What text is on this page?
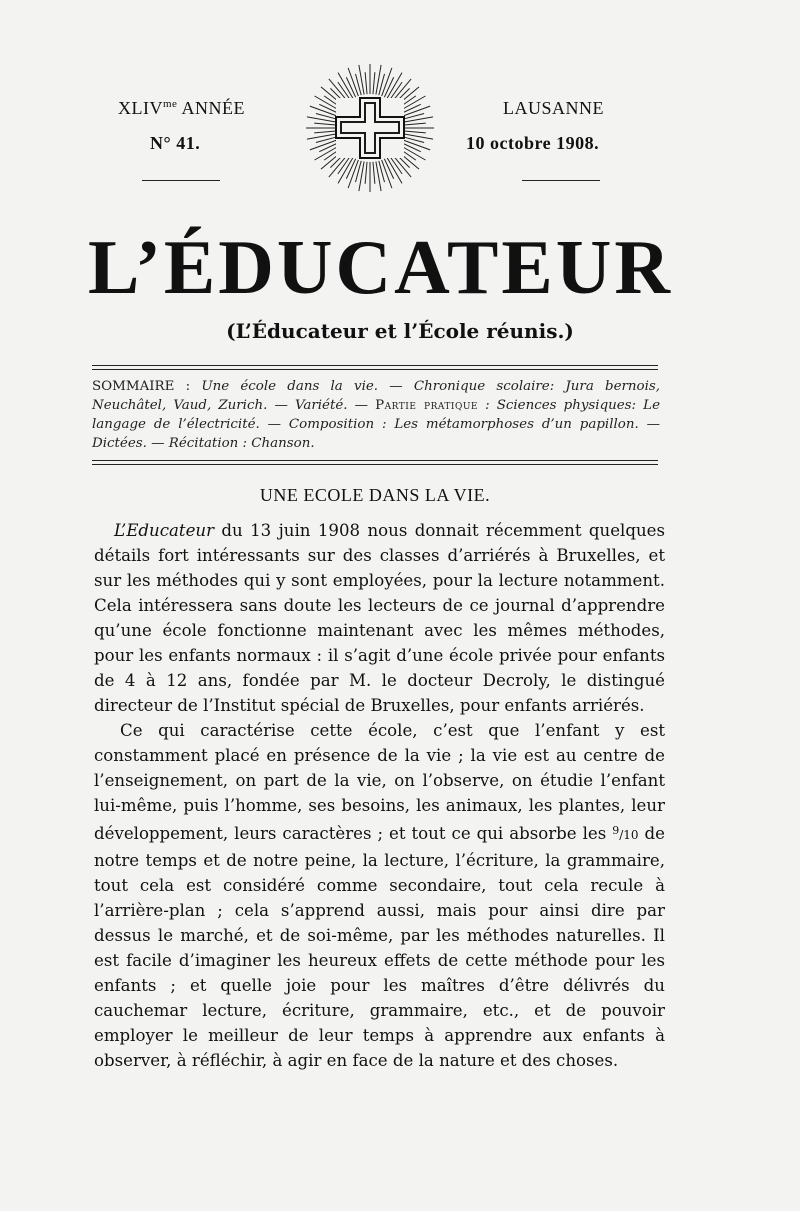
$XLIV^{me}$ ANNÉE
N° 41.
LAUSANNE
10 octobre 1908.
L’ÉDUCATEUR
(L’Éducateur et l’École réunis.)
SOMMAIRE : Une école dans la vie. — Chronique scolaire: Jura bernois, Neuchâtel, Vaud, Zurich. — Variété. — Partie pratique : Sciences physiques: Le langage de l’électricité. — Composition : Les métamorphoses d’un papillon. — Dictées. — Récitation : Chanson.
UNE ECOLE DANS LA VIE.

L’Educateur du 13 juin 1908 nous donnait récemment quelques détails fort intéressants sur des classes d’arriérés à Bruxelles, et sur les méthodes qui y sont employées, pour la lecture notamment. Cela intéressera sans doute les lecteurs de ce journal d’apprendre qu’une école fonctionne maintenant avec les mêmes méthodes, pour les enfants normaux : il s’agit d’une école privée pour enfants de 4 à 12 ans, fondée par M. le docteur Decroly, le distingué directeur de l’Institut spécial de Bruxelles, pour enfants arriérés.

Ce qui caractérise cette école, c’est que l’enfant y est constamment placé en présence de la vie ; la vie est au centre de l’enseignement, on part de la vie, on l’observe, on étudie l’enfant lui-même, puis l’homme, ses besoins, les animaux, les plantes, leur développement, leurs caractères ; et tout ce qui absorbe les $^9$/10 de notre temps et de notre peine, la lecture, l’écriture, la grammaire, tout cela est considéré comme secondaire, tout cela recule à l’arrière-plan ; cela s’apprend aussi, mais pour ainsi dire par dessus le marché, et de soi-même, par les méthodes naturelles. Il est facile d’imaginer les heureux effets de cette méthode pour les enfants ; et quelle joie pour les maîtres d’être délivrés du cauchemar lecture, écriture, grammaire, etc., et de pouvoir employer le meilleur de leur temps à apprendre aux enfants à observer, à réfléchir, à agir en face de la nature et des choses.
